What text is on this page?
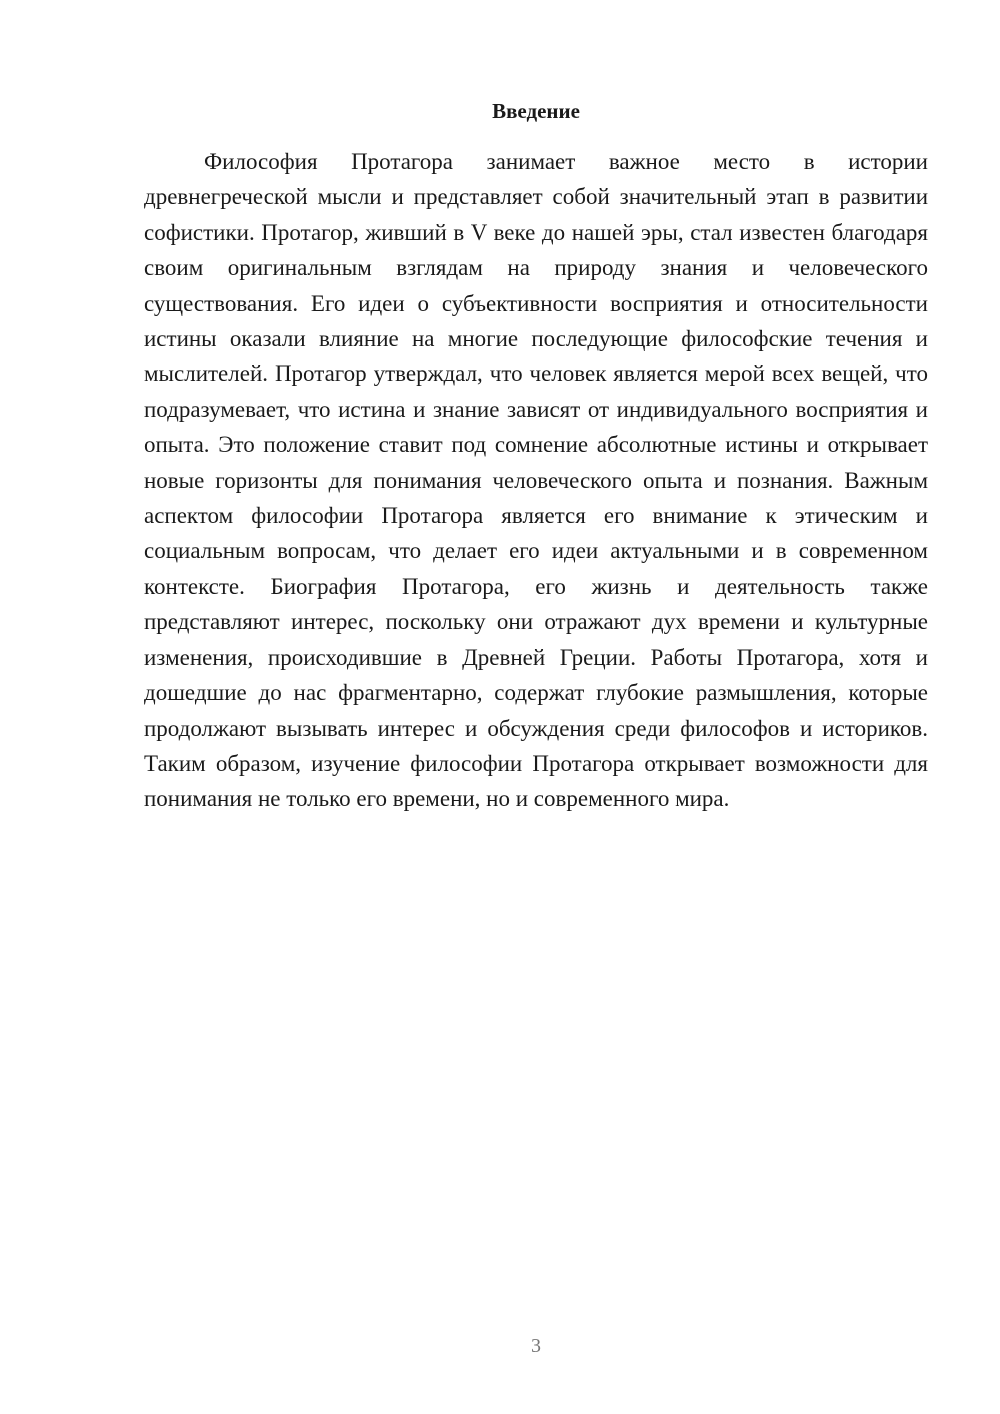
Введение

Философия Протагора занимает важное место в истории древнегреческой мысли и представляет собой значительный этап в развитии софистики. Протагор, живший в V веке до нашей эры, стал известен благодаря своим оригинальным взглядам на природу знания и человеческого существования. Его идеи о субъективности восприятия и относительности истины оказали влияние на многие последующие философские течения и мыслителей. Протагор утверждал, что человек является мерой всех вещей, что подразумевает, что истина и знание зависят от индивидуального восприятия и опыта. Это положение ставит под сомнение абсолютные истины и открывает новые горизонты для понимания человеческого опыта и познания. Важным аспектом философии Протагора является его внимание к этическим и социальным вопросам, что делает его идеи актуальными и в современном контексте. Биография Протагора, его жизнь и деятельность также представляют интерес, поскольку они отражают дух времени и культурные изменения, происходившие в Древней Греции. Работы Протагора, хотя и дошедшие до нас фрагментарно, содержат глубокие размышления, которые продолжают вызывать интерес и обсуждения среди философов и историков. Таким образом, изучение философии Протагора открывает возможности для понимания не только его времени, но и современного мира.

3
